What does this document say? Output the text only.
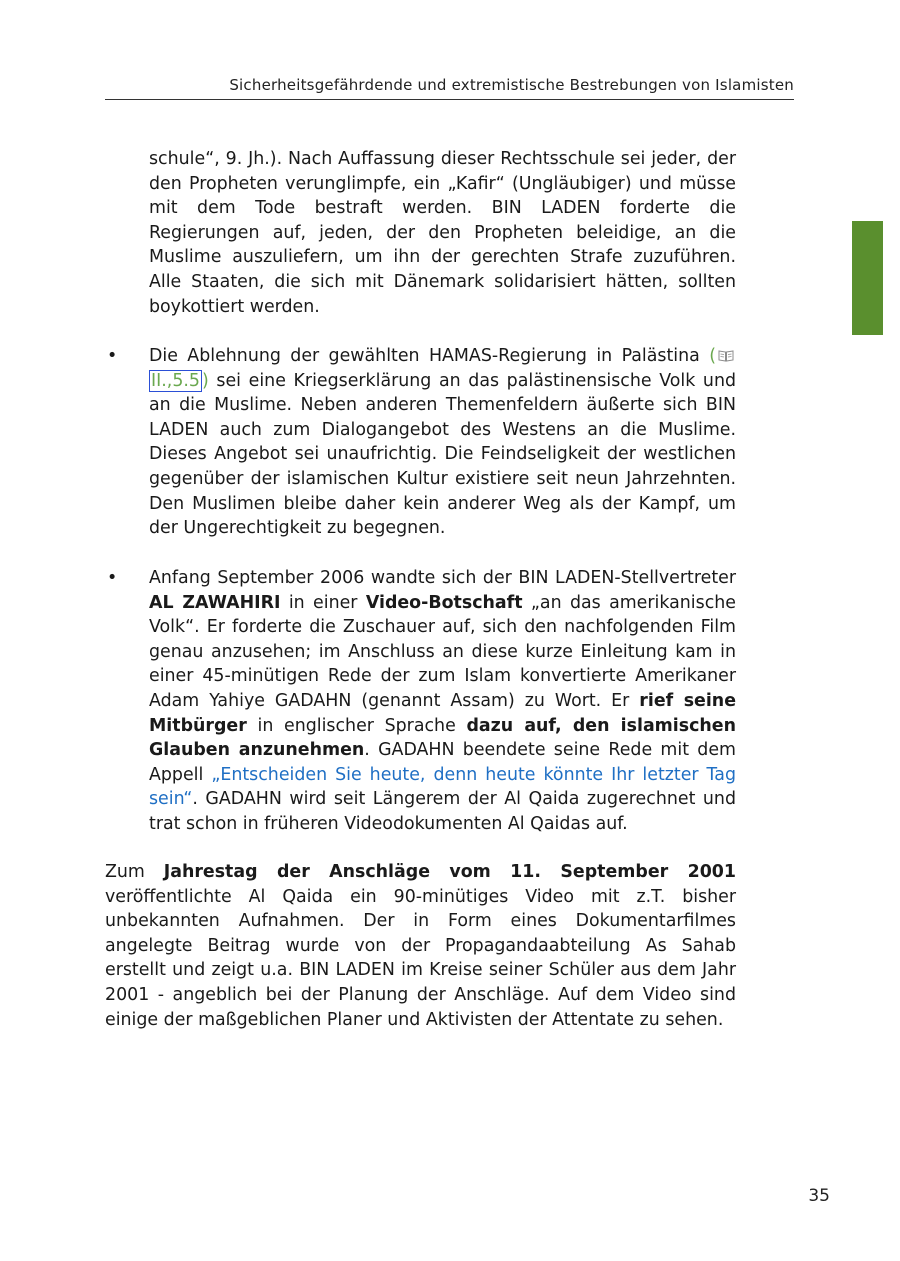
Sicherheitsgefährdende und extremistische Bestrebungen von Islamisten

schule“, 9. Jh.). Nach Auffassung dieser Rechtsschule sei jeder, der den Propheten verunglimpfe, ein „Kafir“ (Ungläubiger) und müsse mit dem Tode bestraft werden. BIN LADEN forderte die Regierungen auf, jeden, der den Propheten beleidige, an die Muslime auszuliefern, um ihn der gerechten Strafe zuzuführen. Alle Staaten, die sich mit Dänemark solidarisiert hätten, sollten boykottiert werden.

• Die Ablehnung der gewählten HAMAS-Regierung in Palästina (II.,5.5 ) sei eine Kriegserklärung an das palästinensische Volk und an die Muslime. Neben anderen Themenfeldern äußerte sich BIN LADEN auch zum Dialogangebot des Westens an die Muslime. Dieses Angebot sei unaufrichtig. Die Feindseligkeit der westlichen gegenüber der islamischen Kultur existiere seit neun Jahrzehnten. Den Muslimen bleibe daher kein anderer Weg als der Kampf, um der Ungerechtigkeit zu begegnen.

• Anfang September 2006 wandte sich der BIN LADEN-Stellvertreter AL ZAWAHIRI in einer Video-Botschaft „an das amerikanische Volk“. Er forderte die Zuschauer auf, sich den nachfolgenden Film genau anzusehen; im Anschluss an diese kurze Einleitung kam in einer 45-minütigen Rede der zum Islam konvertierte Amerikaner Adam Yahiye GADAHN (genannt Assam) zu Wort. Er rief seine Mitbürger in englischer Sprache dazu auf, den islamischen Glauben anzunehmen. GADAHN beendete seine Rede mit dem Appell „Entscheiden Sie heute, denn heute könnte Ihr letzter Tag sein“. GADAHN wird seit Längerem der Al Qaida zugerechnet und trat schon in früheren Videodokumenten Al Qaidas auf.

Zum Jahrestag der Anschläge vom 11. September 2001 veröffentlichte Al Qaida ein 90-minütiges Video mit z.T. bisher unbekannten Aufnahmen. Der in Form eines Dokumentarfilmes angelegte Beitrag wurde von der Propagandaabteilung As Sahab erstellt und zeigt u.a. BIN LADEN im Kreise seiner Schüler aus dem Jahr 2001 - angeblich bei der Planung der Anschläge. Auf dem Video sind einige der maßgeblichen Planer und Aktivisten der Attentate zu sehen.

35
